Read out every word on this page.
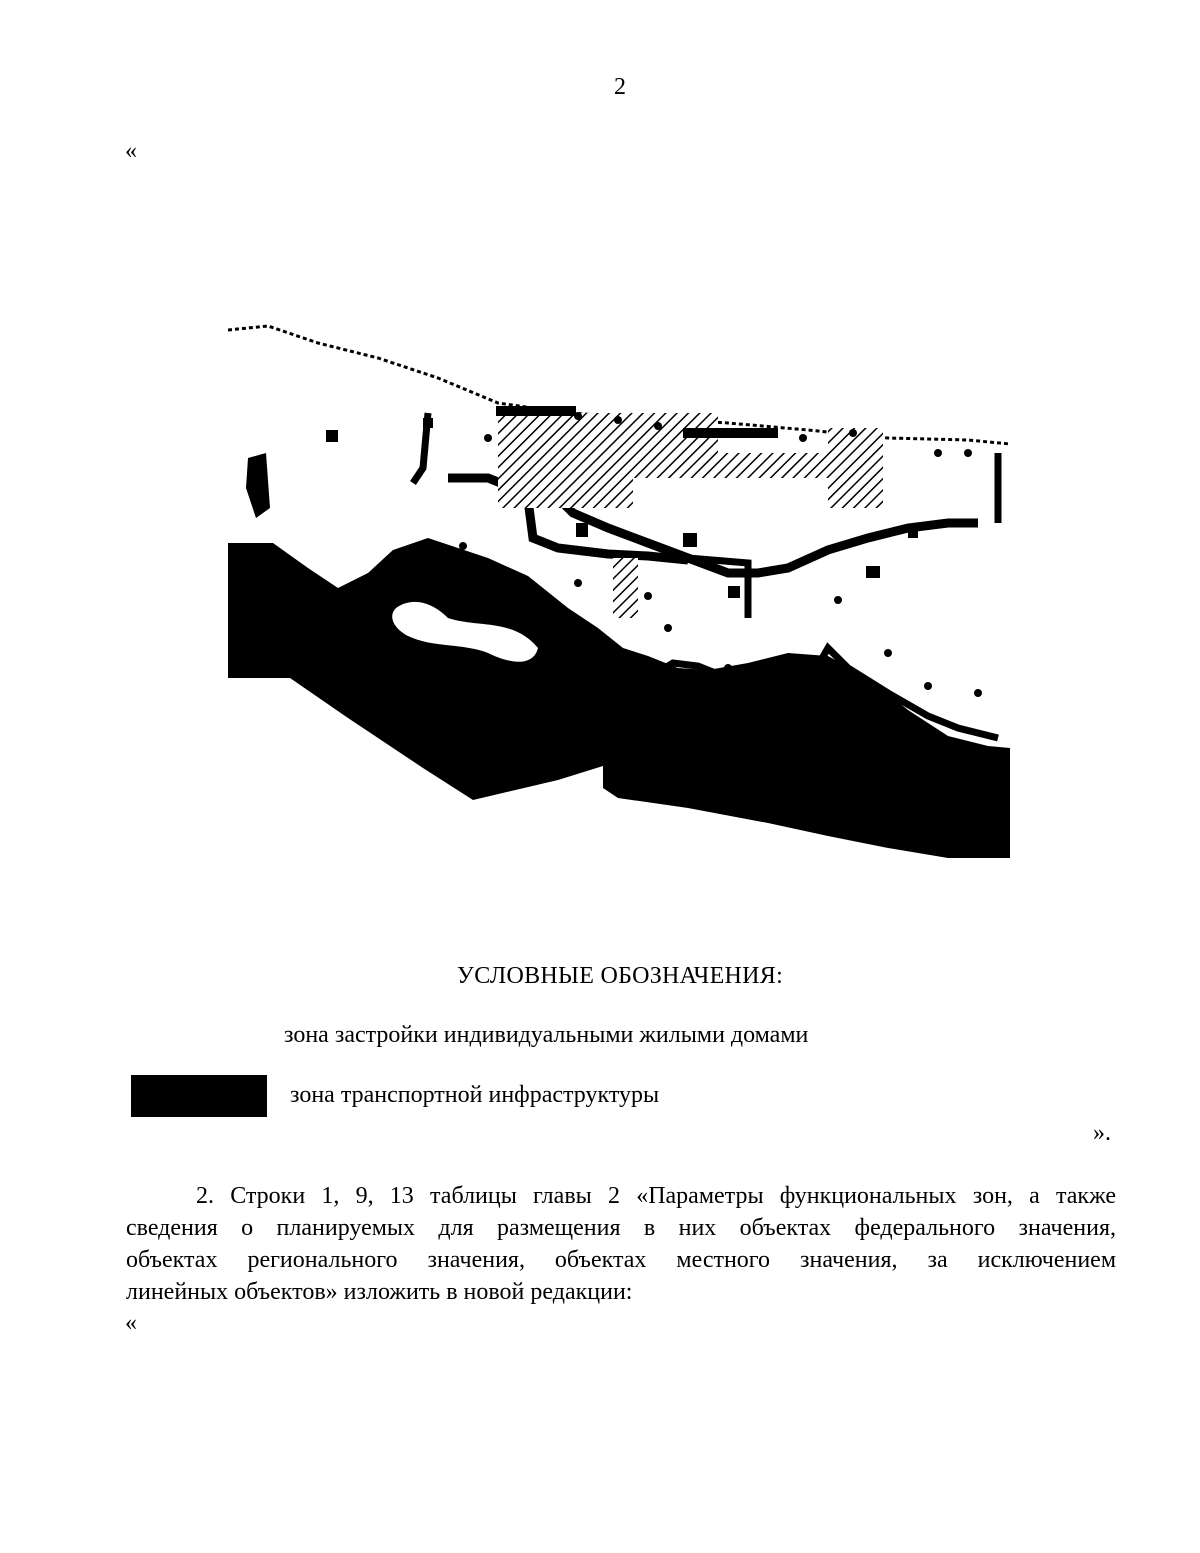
2
«
УСЛОВНЫЕ ОБОЗНАЧЕНИЯ:
зона застройки индивидуальными жилыми домами
зона транспортной инфраструктуры
».
2. Строки 1, 9, 13 таблицы главы 2 «Параметры функциональных зон, а также
сведения о планируемых для размещения в них объектах федерального значения,
объектах регионального значения, объектах местного значения, за исключением
линейных объектов» изложить в новой редакции:
«
